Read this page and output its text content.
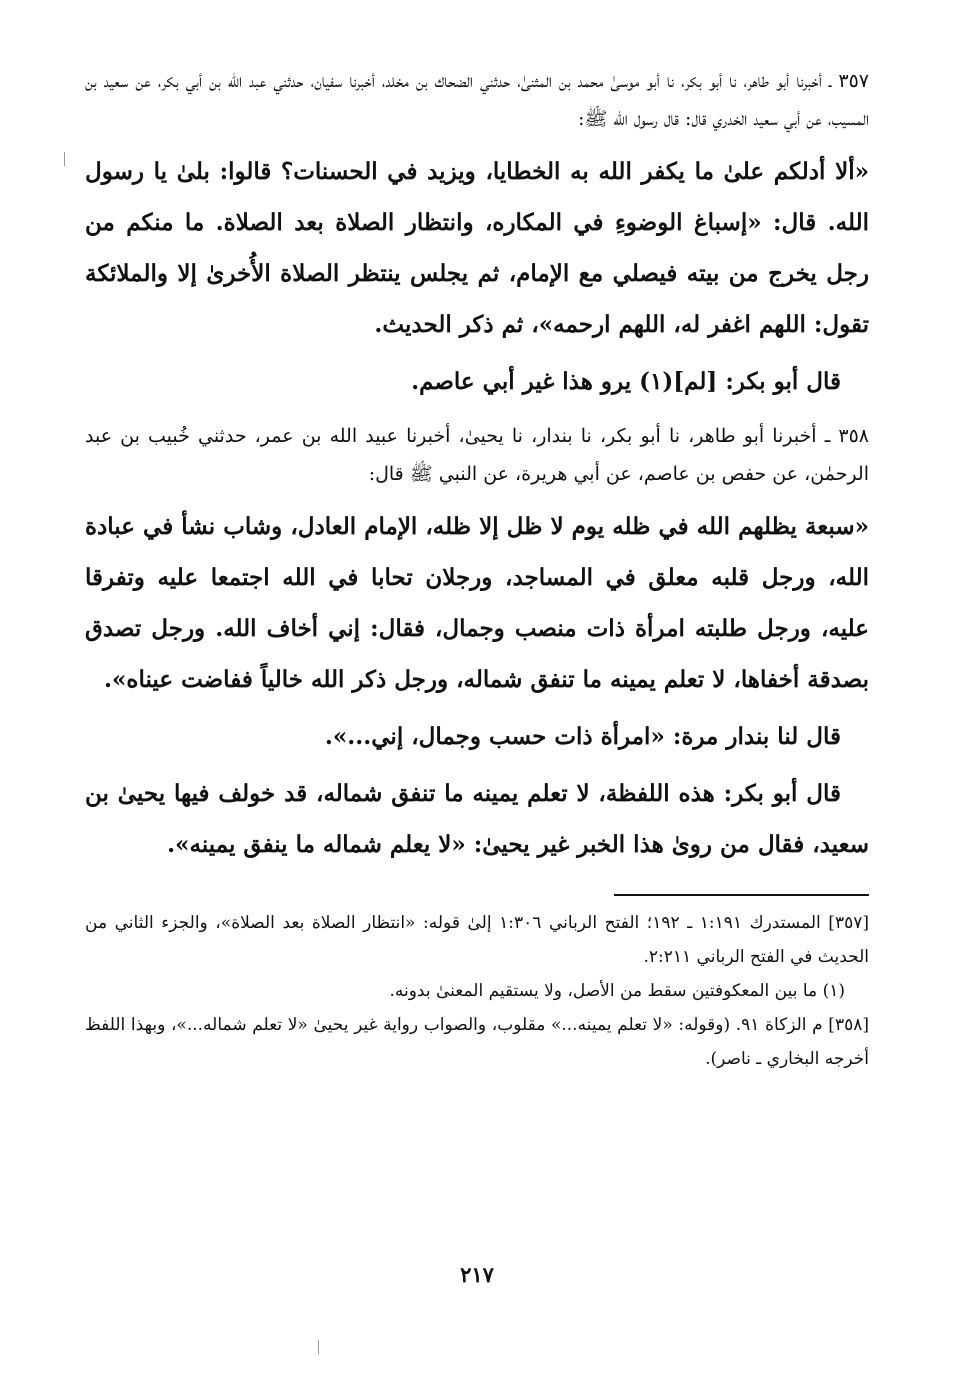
٣٥٧ ـ أخبرنا أبو طاهر، نا أبو بكر، نا أبو موسىٰ محمد بن المثنىٰ، حدثني الضحاك بن مخلد، أخبرنا سفيان، حدثني عبد الله بن أبي بكر، عن سعيد بن المسيب، عن أبي سعيد الخدري قال: قال رسول الله ﷺ:

«ألا أدلكم علىٰ ما يكفر الله به الخطايا، ويزيد في الحسنات؟ قالوا: بلىٰ يا رسول الله. قال: «إسباغ الوضوءِ في المكاره، وانتظار الصلاة بعد الصلاة. ما منكم من رجل يخرج من بيته فيصلي مع الإمام، ثم يجلس ينتظر الصلاة الأُخرىٰ إلا والملائكة تقول: اللهم اغفر له، اللهم ارحمه»، ثم ذكر الحديث.

قال أبو بكر: [لم](١) يرو هذا غير أبي عاصم.

٣٥٨ ـ أخبرنا أبو طاهر، نا أبو بكر، نا بندار، نا يحيىٰ، أخبرنا عبيد الله بن عمر، حدثني خُبيب بن عبد الرحمٰن، عن حفص بن عاصم، عن أبي هريرة، عن النبي ﷺ قال:

«سبعة يظلهم الله في ظله يوم لا ظل إلا ظله، الإمام العادل، وشاب نشأ في عبادة الله، ورجل قلبه معلق في المساجد، ورجلان تحابا في الله اجتمعا عليه وتفرقا عليه، ورجل طلبته امرأة ذات منصب وجمال، فقال: إني أخاف الله. ورجل تصدق بصدقة أخفاها، لا تعلم يمينه ما تنفق شماله، ورجل ذكر الله خالياً ففاضت عيناه».

قال لنا بندار مرة: «امرأة ذات حسب وجمال، إني...».

قال أبو بكر: هذه اللفظة، لا تعلم يمينه ما تنفق شماله، قد خولف فيها يحيىٰ بن سعيد، فقال من روىٰ هذا الخبر غير يحيىٰ: «لا يعلم شماله ما ينفق يمينه».

[٣٥٧] المستدرك ١:١٩١ ـ ١٩٢؛ الفتح الرباني ١:٣٠٦ إلىٰ قوله: «انتظار الصلاة بعد الصلاة»، والجزء الثاني من الحديث في الفتح الرباني ٢:٢١١.

(١) ما بين المعكوفتين سقط من الأصل، ولا يستقيم المعنىٰ بدونه.

[٣٥٨] م الزكاة ٩١. (وقوله: «لا تعلم يمينه...» مقلوب، والصواب رواية غير يحيىٰ «لا تعلم شماله...»، وبهذا اللفظ أخرجه البخاري ـ ناصر).

٢١٧
